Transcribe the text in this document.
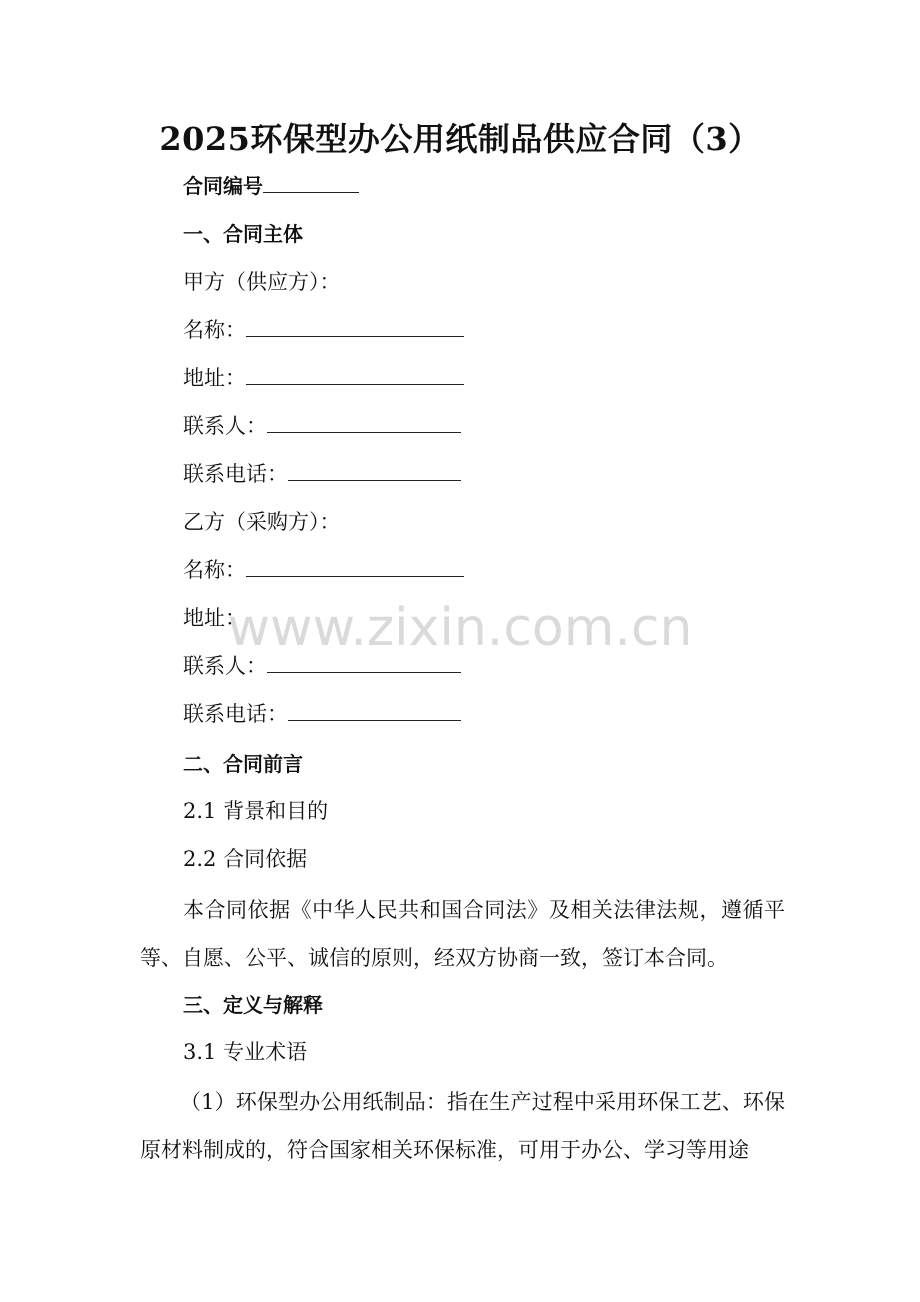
2025环保型办公用纸制品供应合同（3）
合同编号
一、合同主体
甲方（供应方）：
名称：
地址：
联系人：
联系电话：
乙方（采购方）：
名称：
地址：
联系人：
联系电话：
二、合同前言
2.1 背景和目的
2.2 合同依据
本合同依据《中华人民共和国合同法》及相关法律法规，遵循平等、自愿、公平、诚信的原则，经双方协商一致，签订本合同。
三、定义与解释
3.1 专业术语
（1）环保型办公用纸制品：指在生产过程中采用环保工艺、环保原材料制成的，符合国家相关环保标准，可用于办公、学习等用途
www.zixin.com.cn
